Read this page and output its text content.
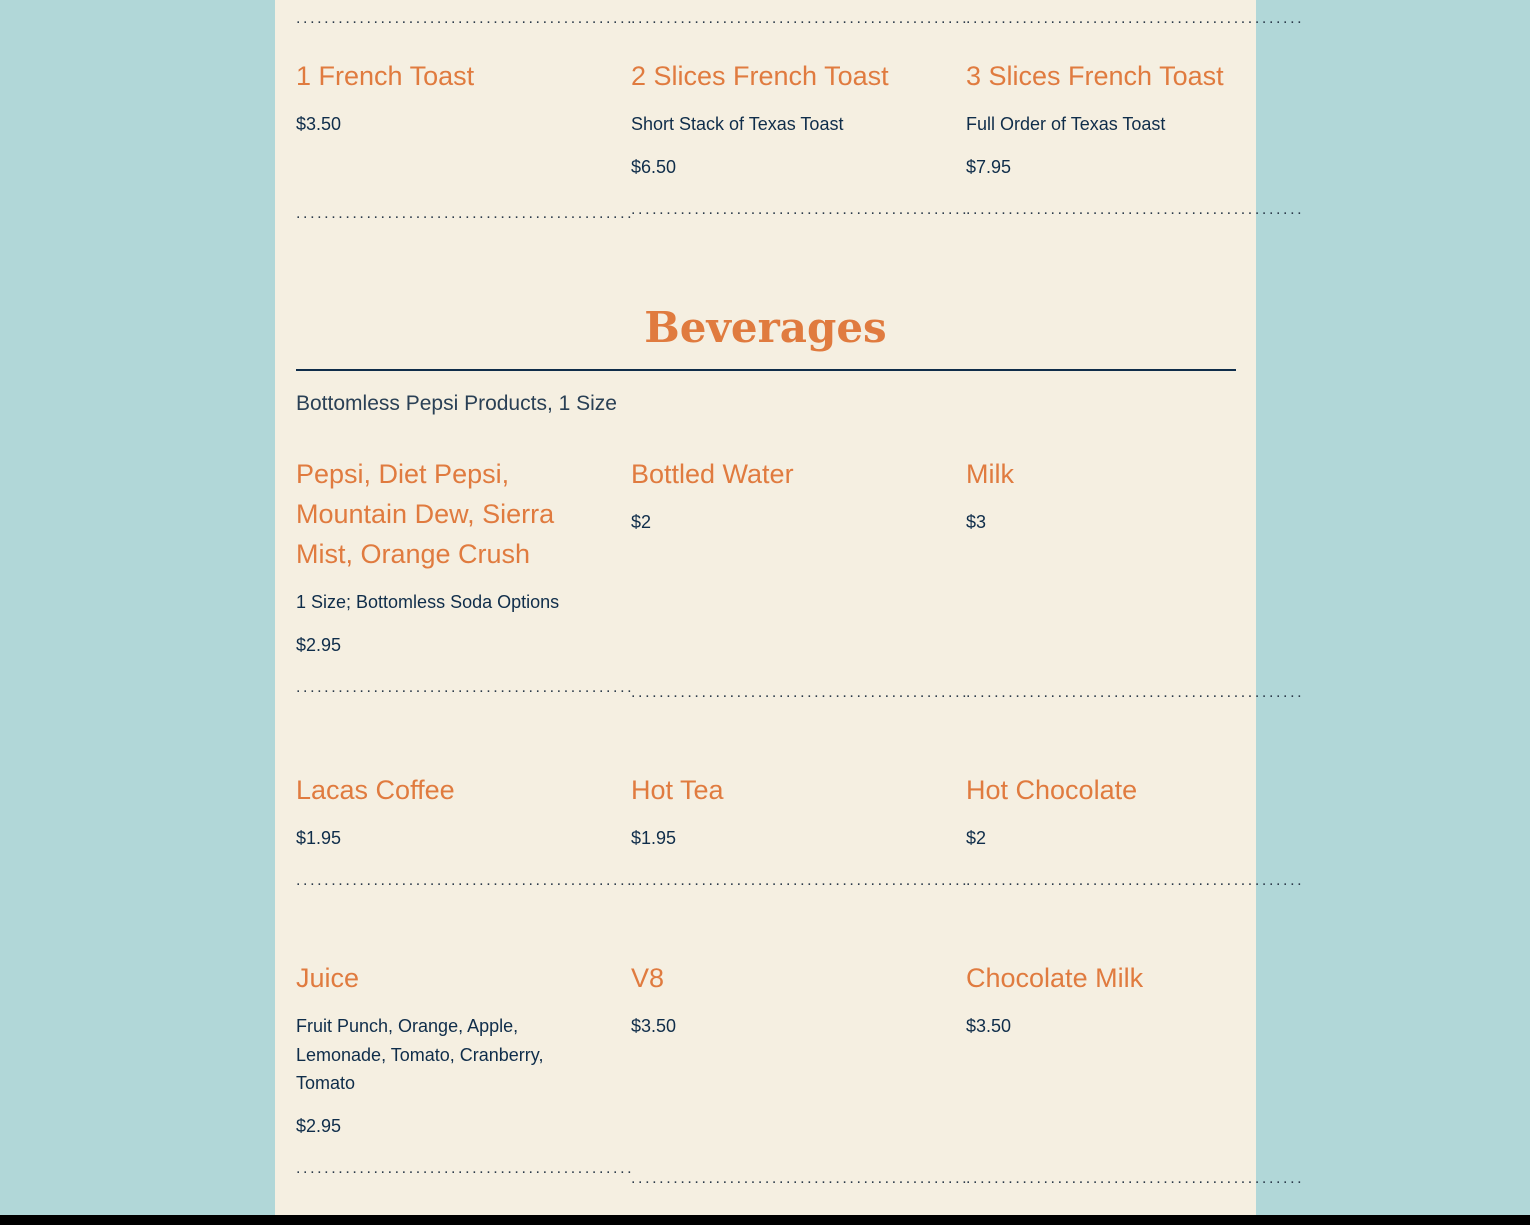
................................................
................................................
................................................
1 French Toast

$3.50

................................................
2 Slices French Toast

Short Stack of Texas Toast

$6.50

................................................
3 Slices French Toast

Full Order of Texas Toast

$7.95

................................................
Beverages

Bottomless Pepsi Products, 1 Size

Pepsi, Diet Pepsi, Mountain Dew, Sierra Mist, Orange Crush

1 Size; Bottomless Soda Options

$2.95

................................................
Bottled Water

$2

................................................
Milk

$3

................................................
Lacas Coffee

$1.95

................................................
Hot Tea

$1.95

................................................
Hot Chocolate

$2

................................................
Juice

Fruit Punch, Orange, Apple, Lemonade, Tomato, Cranberry, Tomato

$2.95

................................................
V8

$3.50

................................................
Chocolate Milk

$3.50

................................................
